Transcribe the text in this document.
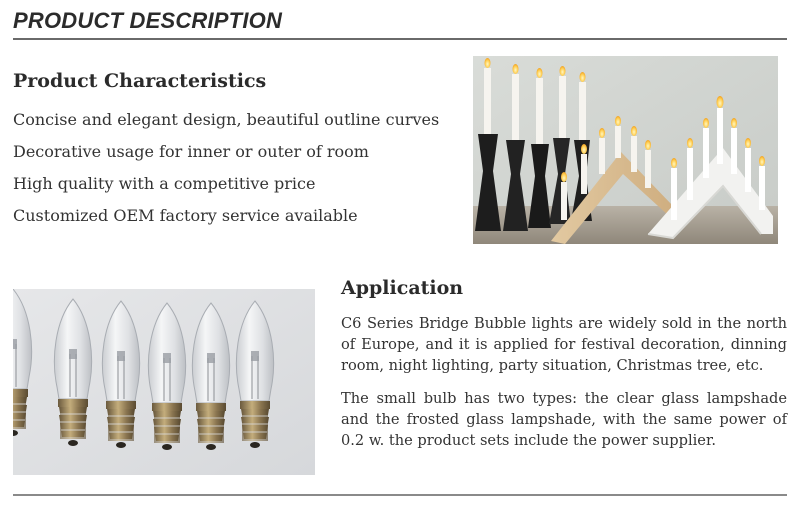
PRODUCT DESCRIPTION
Product Characteristics
Concise and elegant design, beautiful outline curves
Decorative usage for inner or outer of room
High quality with a competitive price
Customized OEM factory service available
Application

C6 Series Bridge Bubble lights are widely sold in the north of Europe, and it is applied for festival decoration, dinning room, night lighting, party situation, Christmas tree, etc.

The small bulb has two types: the clear glass lampshade and the frosted glass lampshade, with the same power of 0.2 w. the product sets include the power supplier.
